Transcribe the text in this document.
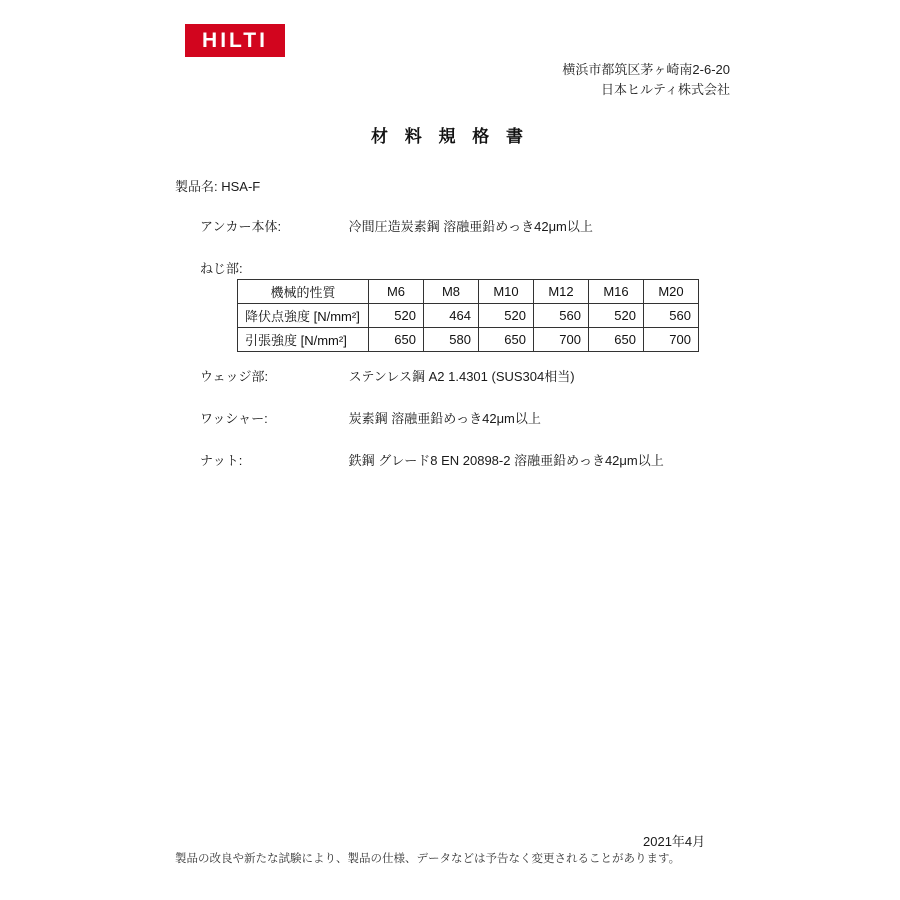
HILTI
横浜市都筑区茅ヶ崎南2-6-20
日本ヒルティ株式会社
材 料 規 格 書
製品名: HSA-F
アンカー本体:	冷間圧造炭素鋼 溶融亜鉛めっき42μm以上
ねじ部:
機械的性質	M6	M8	M10	M12	M16	M20
降伏点強度 [N/mm²]	520	464	520	560	520	560
引張強度 [N/mm²]	650	580	650	700	650	700
ウェッジ部:	ステンレス鋼 A2 1.4301 (SUS304相当)
ワッシャー:	炭素鋼 溶融亜鉛めっき42μm以上
ナット:	鉄鋼 グレード8 EN 20898-2 溶融亜鉛めっき42μm以上
2021年4月
製品の改良や新たな試験により、製品の仕様、データなどは予告なく変更されることがあります。
